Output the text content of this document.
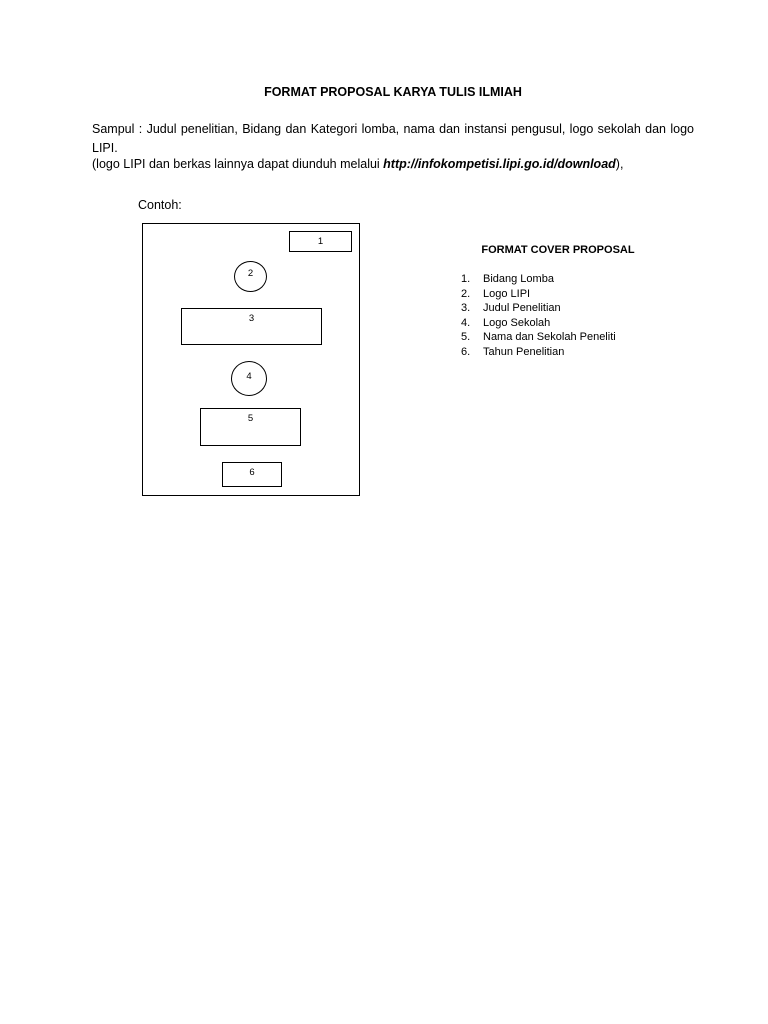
FORMAT PROPOSAL KARYA TULIS ILMIAH

Sampul : Judul penelitian, Bidang dan Kategori lomba, nama dan instansi pengusul, logo sekolah dan logo LIPI.

(logo LIPI dan berkas lainnya dapat diunduh melalui http://infokompetisi.lipi.go.id/download),

Contoh:
1
2
3
4
5
6
FORMAT COVER PROPOSAL
1.	Bidang Lomba
2.	Logo LIPI
3.	Judul Penelitian
4.	Logo Sekolah
5.	Nama dan Sekolah Peneliti
6.	Tahun Penelitian
